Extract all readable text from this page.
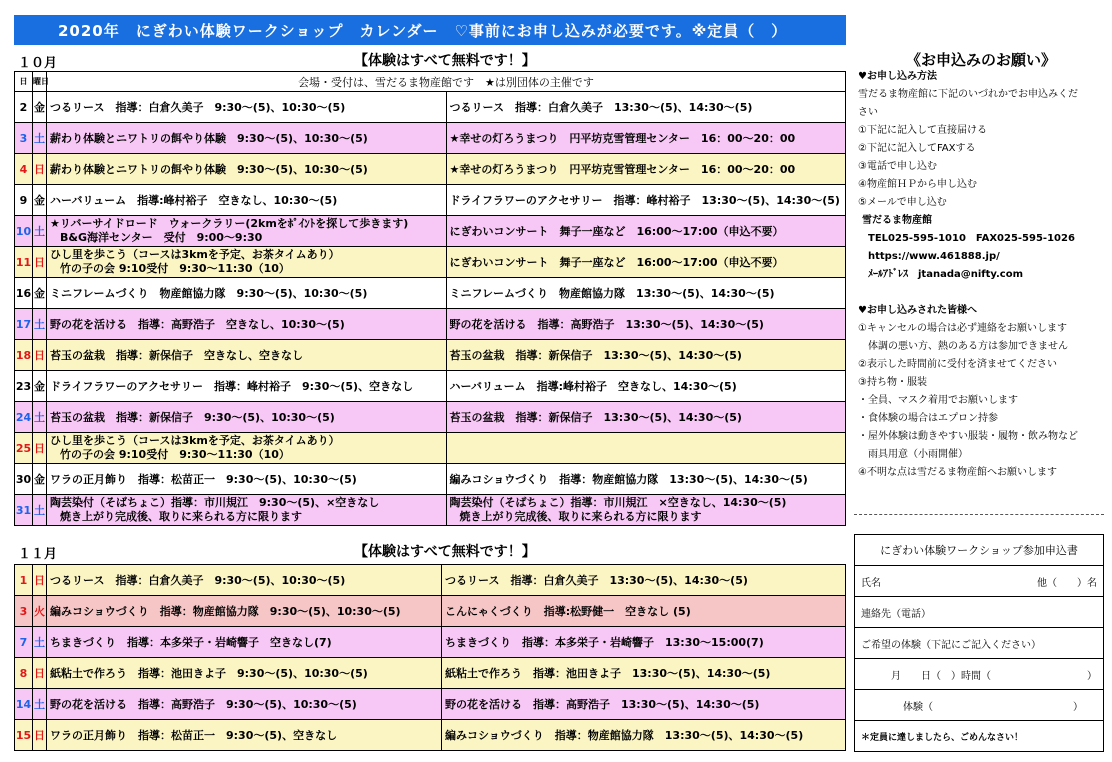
2020年　にぎわい体験ワークショップ　カレンダー　♡事前にお申し込みが必要です。※定員（　）
１０月	【体験はすべて無料です！】
日	曜日	会場・受付は、雪だるま物産館です　★は別団体の主催です	
2	金	つるリース　指導：白倉久美子　9:30〜(5)、10:30〜(5)	つるリース　指導：白倉久美子　13:30〜(5)、14:30〜(5)
3	土	薪わり体験とニワトリの餌やり体験　9:30〜(5)、10:30〜(5)	★幸せの灯ろうまつり　円平坊克雪管理センター　16：00〜20：00
4	日	薪わり体験とニワトリの餌やり体験　9:30〜(5)、10:30〜(5)	★幸せの灯ろうまつり　円平坊克雪管理センター　16：00〜20：00
9	金	ハーバリューム　指導:峰村裕子　空きなし、10:30〜(5)	ドライフラワーのアクセサリー　指導：峰村裕子　13:30〜(5)、14:30〜(5)
10	土	★リバーサイドロード　ウォークラリー(2kmをﾎﾟｲﾝﾄを探して歩きます)
B&G海洋センター　受付　9:00〜9:30	にぎわいコンサート　舞子一座など　16:00〜17:00（申込不要）
11	日	ひし里を歩こう（コースは3kmを予定、お茶タイムあり）
竹の子の会 9:10受付　9:30〜11:30（10）	にぎわいコンサート　舞子一座など　16:00〜17:00（申込不要）
16	金	ミニフレームづくり　物産館協力隊　9:30〜(5)、10:30〜(5)	ミニフレームづくり　物産館協力隊　13:30〜(5)、14:30〜(5)
17	土	野の花を活ける　指導：高野浩子　空きなし、10:30〜(5)	野の花を活ける　指導：高野浩子　13:30〜(5)、14:30〜(5)
18	日	苔玉の盆栽　指導：新保信子　空きなし、空きなし	苔玉の盆栽　指導：新保信子　13:30〜(5)、14:30〜(5)
23	金	ドライフラワーのアクセサリー　指導：峰村裕子　9:30〜(5)、空きなし	ハーバリューム　指導:峰村裕子　空きなし、14:30〜(5)
24	土	苔玉の盆栽　指導：新保信子　9:30〜(5)、10:30〜(5)	苔玉の盆栽　指導：新保信子　13:30〜(5)、14:30〜(5)
25	日	ひし里を歩こう（コースは3kmを予定、お茶タイムあり）
竹の子の会 9:10受付　9:30〜11:30（10）	

30	金	ワラの正月飾り　指導：松苗正一　9:30〜(5)、10:30〜(5)	編みコショウづくり　指導：物産館協力隊　13:30〜(5)、14:30〜(5)
31	土	陶芸染付（そばちょこ）指導：市川規江　9:30〜(5)、×空きなし
焼き上がり完成後、取りに来られる方に限ります	陶芸染付（そばちょこ）指導：市川規江　×空きなし、14:30〜(5)
焼き上がり完成後、取りに来られる方に限ります
１１月	【体験はすべて無料です！】
1	日	つるリース　指導：白倉久美子　9:30〜(5)、10:30〜(5)	つるリース　指導：白倉久美子　13:30〜(5)、14:30〜(5)
3	火	編みコショウづくり　指導：物産館協力隊　9:30〜(5)、10:30〜(5)	こんにゃくづくり　指導:松野健一　空きなし (5)
7	土	ちまきづくり　指導：本多栄子・岩崎響子　空きなし(7)	ちまきづくり　指導：本多栄子・岩崎響子　13:30〜15:00(7)
8	日	紙粘土で作ろう　指導：池田きよ子　9:30〜(5)、10:30〜(5)	紙粘土で作ろう　指導：池田きよ子　13:30〜(5)、14:30〜(5)
14	土	野の花を活ける　指導：高野浩子　9:30〜(5)、10:30〜(5)	野の花を活ける　指導：高野浩子　13:30〜(5)、14:30〜(5)
15	日	ワラの正月飾り　指導：松苗正一　9:30〜(5)、空きなし	編みコショウづくり　指導：物産館協力隊　13:30〜(5)、14:30〜(5)
《お申込みのお願い》
♥お申し込み方法
雪だるま物産館に下記のいづれかでお申込みくだ
さい
①下記に記入して直接届ける
②下記に記入してFAXする
③電話で申し込む
④物産館ＨＰから申し込む
⑤メールで申し込む
雪だるま物産館
　TEL025-595-1010　FAX025-595-1026
　https://www.461888.jp/
　ﾒｰﾙｱﾄﾞﾚｽ　jtanada@nifty.com
♥お申し込みされた皆様へ
①キャンセルの場合は必ず連絡をお願いします
　体調の悪い方、熱のある方は参加できません
②表示した時間前に受付を済ませてください
③持ち物・服装
・全員、マスク着用でお願いします
・食体験の場合はエプロン持参
・屋外体験は動きやすい服装・履物・飲み物など
　雨具用意（小雨開催）
④不明な点は雪だるま物産館へお願いします
にぎわい体験ワークショップ参加申込書
氏名	他（　　）名

連絡先（電話）
ご希望の体験（下記にご記入ください）
月　　日（　）時間（	）

体験（	）

＊定員に達しましたら、ごめんなさい！
